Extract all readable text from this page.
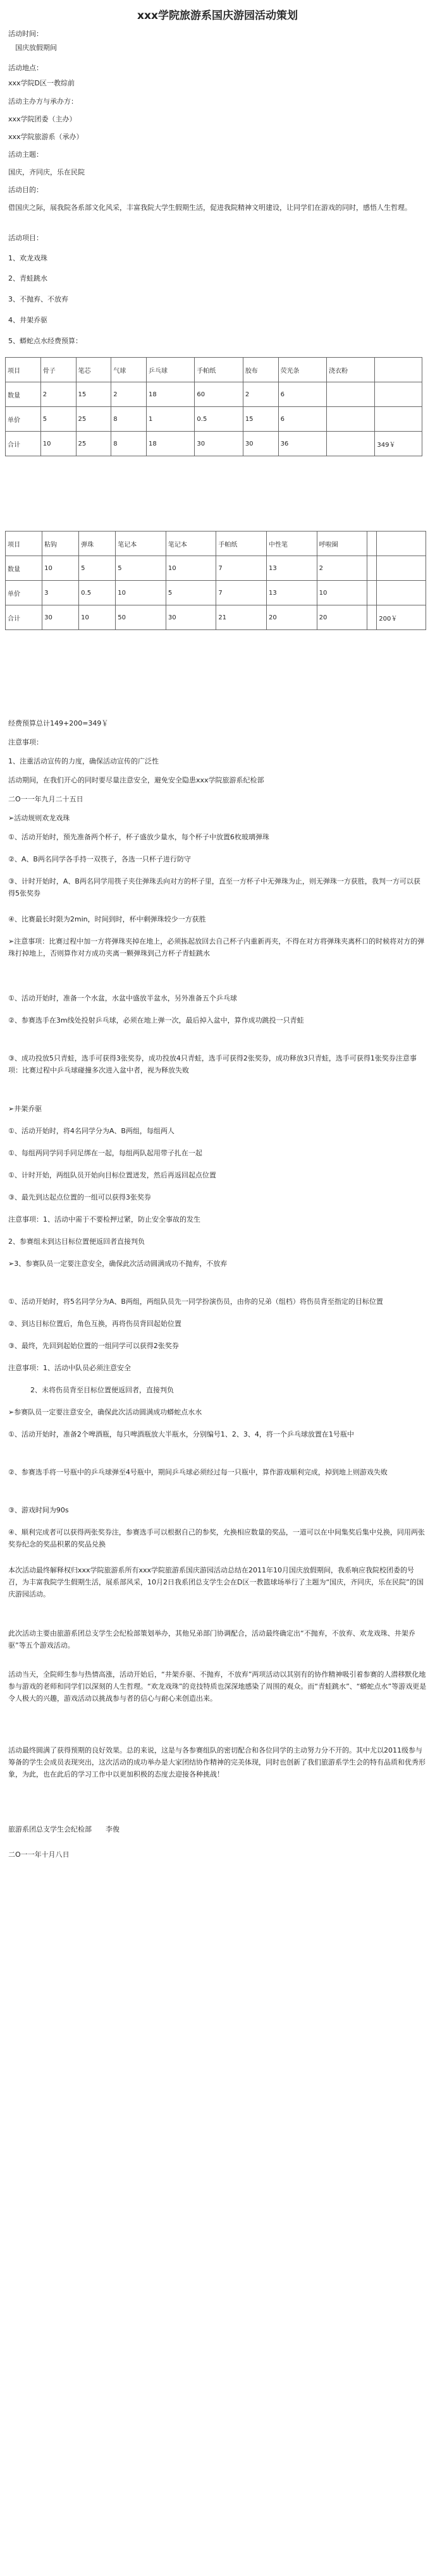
xxx学院旅游系国庆游园活动策划
活动时间：
国庆放假期间
活动地点：
xxx学院D区一教综前
活动主办方与承办方：
xxx学院团委（主办）
xxx学院旅游系（承办）
活动主题：
国庆，齐同庆，乐在民院
活动目的：
借国庆之际，展我院各系部文化风采，丰富我院大学生假期生活，促进我院精神文明建设，让同学们在游戏的同时，感悟人生哲理。
活动项目：
1、欢龙戏珠
2、青蛙跳水
3、不抛弃、不放弃
4、井架乔驱
5、蟒蛇点水经费预算：
项目	骨子	笔芯	气球	乒乓球	手帕纸	胶布	荧光条	浇衣粉	
数量	2	15	2	18	60	2	6		
单价	5	25	8	1	0.5	15	6		
合计	10	25	8	18	30	30	36		349￥
项目	粘钩	弹珠	笔记本	笔记本	手帕纸	中性笔	呼啦圈		
数量	10	5	5	10	7	13	2		
单价	3	0.5	10	5	7	13	10		
合计	30	10	50	30	21	20	20		200￥
经费预算总计149+200=349￥
注意事项：
1、注重活动宣传的力度，确保活动宣传的广泛性
活动期间，在我们开心的同时要尽量注意安全，避免安全隐患xxx学院旅游系纪检部
二O一一年九月二十五日
➢活动规则欢龙戏珠
①、活动开始时，预先准备两个杯子，杯子盛放少量水，每个杯子中放置6枚玻璃弹珠
②、A、B两名同学各手持一双筷子，各选一只杯子进行防守
③、计时开始时，A、B两名同学用筷子夹住弹珠丢向对方的杯子里，直至一方杯子中无弹珠为止，则无弹珠一方获胜，我判一方可以获得5张奖券
④、比赛最长时限为2min，时间到时，杯中剩弹珠较少一方获胜
➢注意事项：比赛过程中加一方将弹珠夹掉在地上，必须拣起放回去自己杯子内重新再夹，不得在对方将弹珠夹离杯口的时候将对方的弹珠打掉地上，否则算作对方成功夹离一颗弹珠到己方杯子青蛙跳水
①、活动开始时，准备一个水盆，水盆中盛放半盆水，另外准备五个乒乓球
②、参赛选手在3m线处投射乒乓球，必须在地上弹一次，最后掉入盆中，算作成功跳投一只青蛙
③、成功投放5只青蛙，选手可获得3张奖券，成功投放4只青蛙，选手可获得2张奖券，成功释放3只青蛙，选手可获得1张奖券注意事项：比赛过程中乒乓球碰撞多次进入盆中者，视为释放失败
➢井架乔驱
①、活动开始时，将4名同学分为A、B两组，每组两人
①、每组两同学同手同足绑在一起，每组两队起用带子扎在一起
①、计时开始，两组队员开始向目标位置迸发，然后再返回起点位置
③、最先到达起点位置的一组可以获得3张奖券
注意事项：1、活动中需于不要检押过紧，防止安全事故的发生
2、参赛组未到达目标位置便返回者直接判负
➢3、参赛队员一定要注意安全，确保此次活动圆满成功不抛弃，不放弃
①、活动开始时，将5名同学分为A、B两组，两组队员先一同学扮演伤员，由你的兄弟（组档）将伤员背至指定的目标位置
②、到达目标位置后，角色互换，再将伤员背回起始位置
③、最终，先回到起始位置的一组同学可以获得2张奖券
注意事项：1、活动中队员必须注意安全
2、未将伤员背至目标位置便返回者，直接判负
➢参赛队员一定要注意安全，确保此次活动圆满成功蟒蛇点水水
①、活动开始时，准备2个啤酒瓶，每只啤酒瓶放大半瓶水，分别编号1、2、3、4，将一个乒乓球放置在1号瓶中
②、参赛选手将一号瓶中的乒乓球弹至4号瓶中，期间乒乓球必须经过每一只瓶中，算作游戏顺利完成，掉到地上则游戏失败
③、游戏时间为90s
④、顺利完成者可以获得两张奖券注，参赛选手可以根据自己的参奖，允换相应数量的奖品，一道可以在中间集奖后集中兑换，同用两张奖券纪念的奖品积累的奖品兑换
本次活动最终解释权归xxx学院旅游系所有xxx学院旅游系国庆游园活动总结在2011年10月国庆放假期间，我系响应我院校团委的号召，为丰富我院学生假期生活，展系部风采，10月2日我系团总支学生会在D区一教篮球场举行了主题为“国庆，齐同庆，乐在民院”的国庆游园活动。
此次活动主要由旅游系团总支学生会纪检部策划举办，其他兄弟部门协调配合，活动最终确定出“不抛弃，不放弃、欢龙戏珠、井架乔驱”等五个游戏活动。
活动当天，全院师生参与热情高涨，活动开始后，“井架乔驱、不抛弃，不放弃”两项活动以其别有的协作精神吸引着参赛的人潜移默化地参与游戏的老师和同学们以深刻的人生哲理。“欢龙戏珠”的竞技特质也深深地感染了周围的观众。而“青蛙跳水”、“蟒蛇点水”等游戏更是令人极大的兴趣，游戏活动以挑战参与者的信心与耐心来创造出来。
活动最终圆满了获得预期的良好效果。总的来说，这是与各参赛组队的密切配合和各位同学的主动努力分不开的。其中尤以2011级参与筹备的学生会成员表现突出，这次活动的成功举办是大家团结协作精神的完美体现，同时也创新了我们旅游系学生会的特有品质和优秀形象，为此，也在此后的学习工作中以更加积极的态度去迎接各种挑战！
旅游系团总支学生会纪检部　　李俊
二O一一年十月八日
